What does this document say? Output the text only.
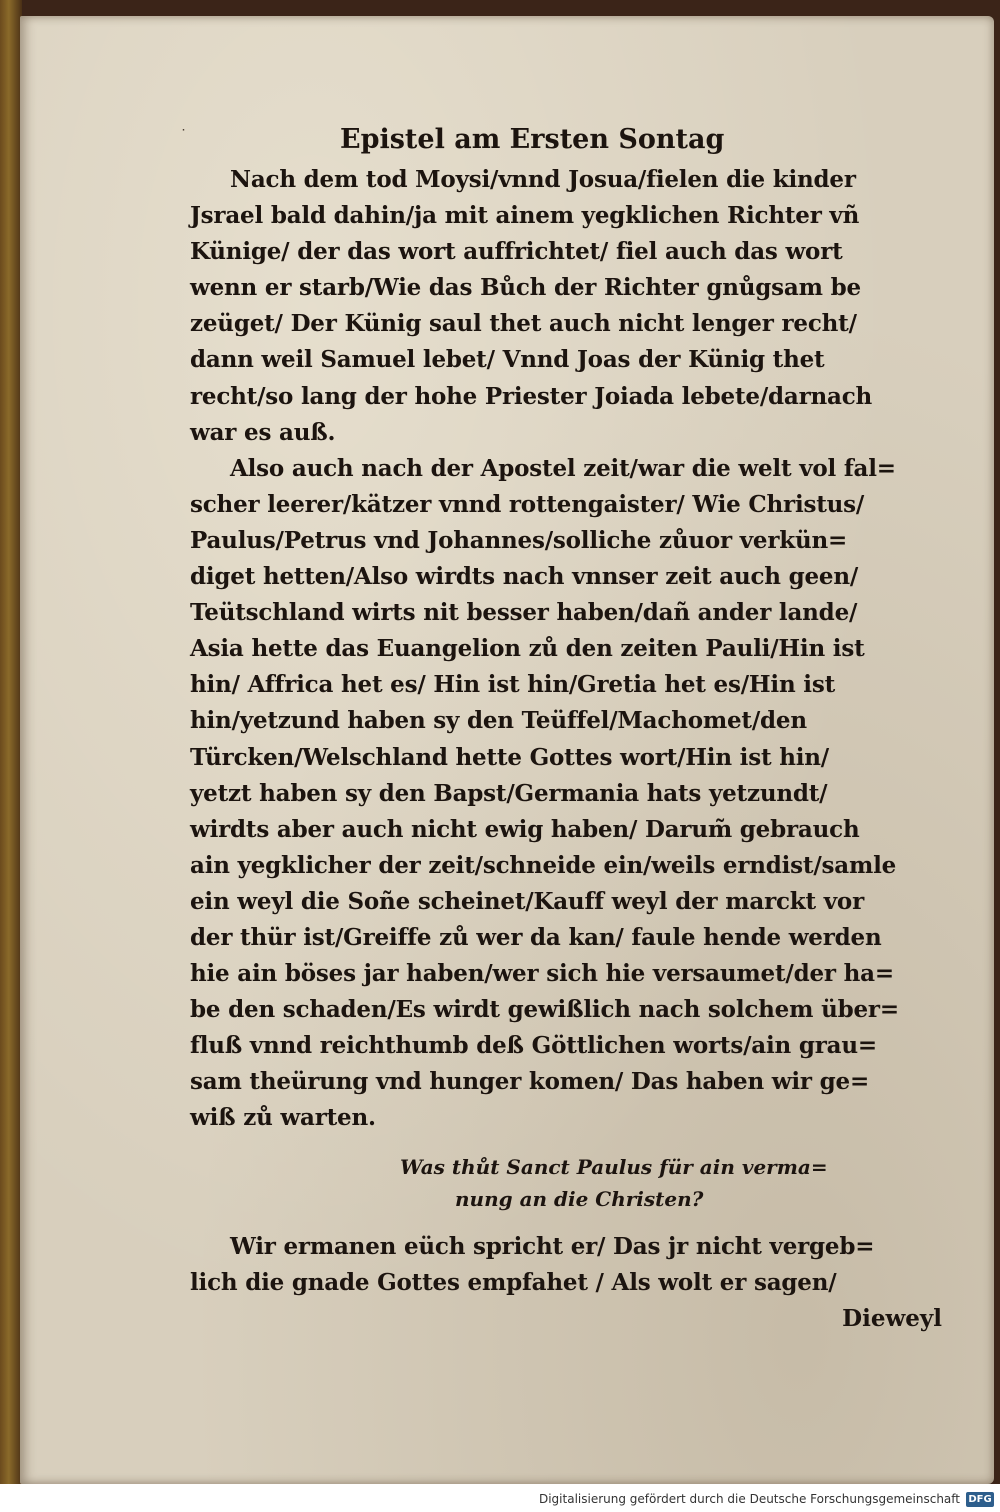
˙	Epistel am Ersten Sontag
Nach dem tod Moysi/vnnd Josua/fielen die kinder
Jsrael bald dahin/ja mit ainem yegklichen Richter vñ
Künige/ der das wort auffrichtet/ fiel auch das wort
wenn er starb/Wie das Bůch der Richter gnůgsam be
zeüget/ Der Künig saul thet auch nicht lenger recht/
dann weil Samuel lebet/ Vnnd Joas der Künig thet
recht/so lang der hohe Priester Joiada lebete/darnach
war es auß.
Also auch nach der Apostel zeit/war die welt vol fal=
scher leerer/kätzer vnnd rottengaister/ Wie Christus/
Paulus/Petrus vnd Johannes/solliche zůuor verkün=
diget hetten/Also wirdts nach vnnser zeit auch geen/
Teütschland wirts nit besser haben/dañ ander lande/
Asia hette das Euangelion zů den zeiten Pauli/Hin ist
hin/ Affrica het es/ Hin ist hin/Gretia het es/Hin ist
hin/yetzund haben sy den Teüffel/Machomet/den
Türcken/Welschland hette Gottes wort/Hin ist hin/
yetzt haben sy den Bapst/Germania hats yetzundt/
wirdts aber auch nicht ewig haben/ Darum̃ gebrauch
ain yegklicher der zeit/schneide ein/weils erndist/samle
ein weyl die Soñe scheinet/Kauff weyl der marckt vor
der thür ist/Greiffe zů wer da kan/ faule hende werden
hie ain böses jar haben/wer sich hie versaumet/der ha=
be den schaden/Es wirdt gewißlich nach solchem über=
fluß vnnd reichthumb deß Göttlichen worts/ain grau=
sam theürung vnd hunger komen/ Das haben wir ge=
wiß zů warten.
Was thůt Sanct Paulus für ain verma=
nung an die Christen?
Wir ermanen eüch spricht er/ Das jr nicht vergeb=
lich die gnade Gottes empfahet / Als wolt er sagen/
Dieweyl
Digitalisierung gefördert durch die Deutsche Forschungsgemeinschaft DFG
